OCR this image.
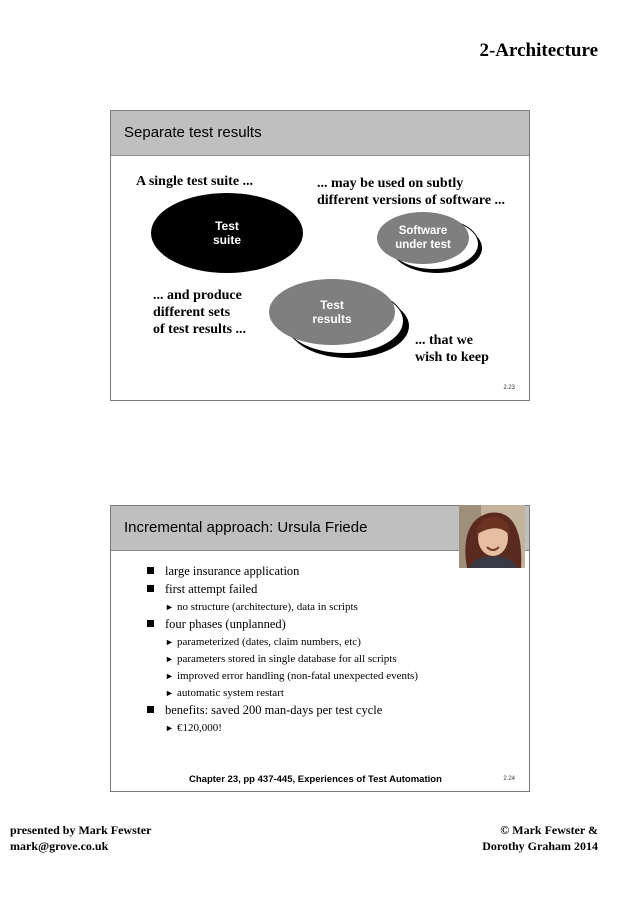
2-Architecture
Separate test results
A single test suite ...	... may be used on subtly
different versions of software ...
Test
suite
Software
under test
... and produce
different sets
of test results ...
Test
results
... that we
wish to keep
2.23
Incremental approach: Ursula Friede
large insurance application
first attempt failed
► no structure (architecture), data in scripts
four phases (unplanned)
► parameterized (dates, claim numbers, etc)
► parameters stored in single database for all scripts
► improved error handling (non-fatal unexpected events)
► automatic system restart
benefits: saved 200 man-days per test cycle
► €120,000!
Chapter 23, pp 437-445, Experiences of Test Automation	2.24
presented by Mark Fewster
mark@grove.co.uk
© Mark Fewster &
Dorothy Graham 2014
